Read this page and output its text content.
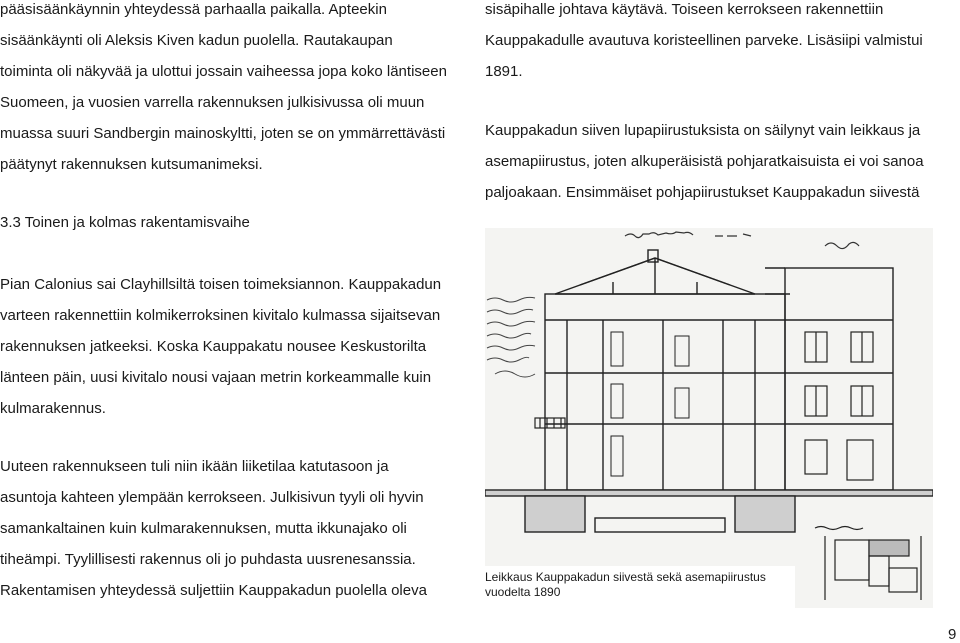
pääsisäänkäynnin yhteydessä parhaalla paikalla. Apteekin

sisäänkäynti oli Aleksis Kiven kadun puolella. Rautakaupan

toiminta oli näkyvää ja ulottui jossain vaiheessa jopa koko läntiseen

Suomeen, ja vuosien varrella rakennuksen julkisivussa oli muun

muassa suuri Sandbergin mainoskyltti, joten se on ymmärrettävästi

päätynyt rakennuksen kutsumanimeksi.

3.3 Toinen ja kolmas rakentamisvaihe

Pian Calonius sai Clayhillsiltä toisen toimeksiannon. Kauppakadun

varteen rakennettiin kolmikerroksinen kivitalo kulmassa sijaitsevan

rakennuksen jatkeeksi. Koska Kauppakatu nousee Keskustorilta

länteen päin, uusi kivitalo nousi vajaan metrin korkeammalle kuin

kulmarakennus.

Uuteen rakennukseen tuli niin ikään liiketilaa katutasoon ja

asuntoja kahteen ylempään kerrokseen. Julkisivun tyyli oli hyvin

samankaltainen kuin kulmarakennuksen, mutta ikkunajako oli

tiheämpi. Tyylillisesti rakennus oli jo puhdasta uusrenesanssia.

Rakentamisen yhteydessä suljettiin Kauppakadun puolella oleva

sisäpihalle johtava käytävä. Toiseen kerrokseen rakennettiin

Kauppakadulle avautuva koristeellinen parveke. Lisäsiipi valmistui

1891.

Kauppakadun siiven lupapiirustuksista on säilynyt vain leikkaus ja

asemapiirustus, joten alkuperäisistä pohjaratkaisuista ei voi sanoa

paljoakaan. Ensimmäiset pohjapiirustukset Kauppakadun siivestä

Leikkaus Kauppakadun siivestä sekä asemapiirustus

vuodelta 1890

9
